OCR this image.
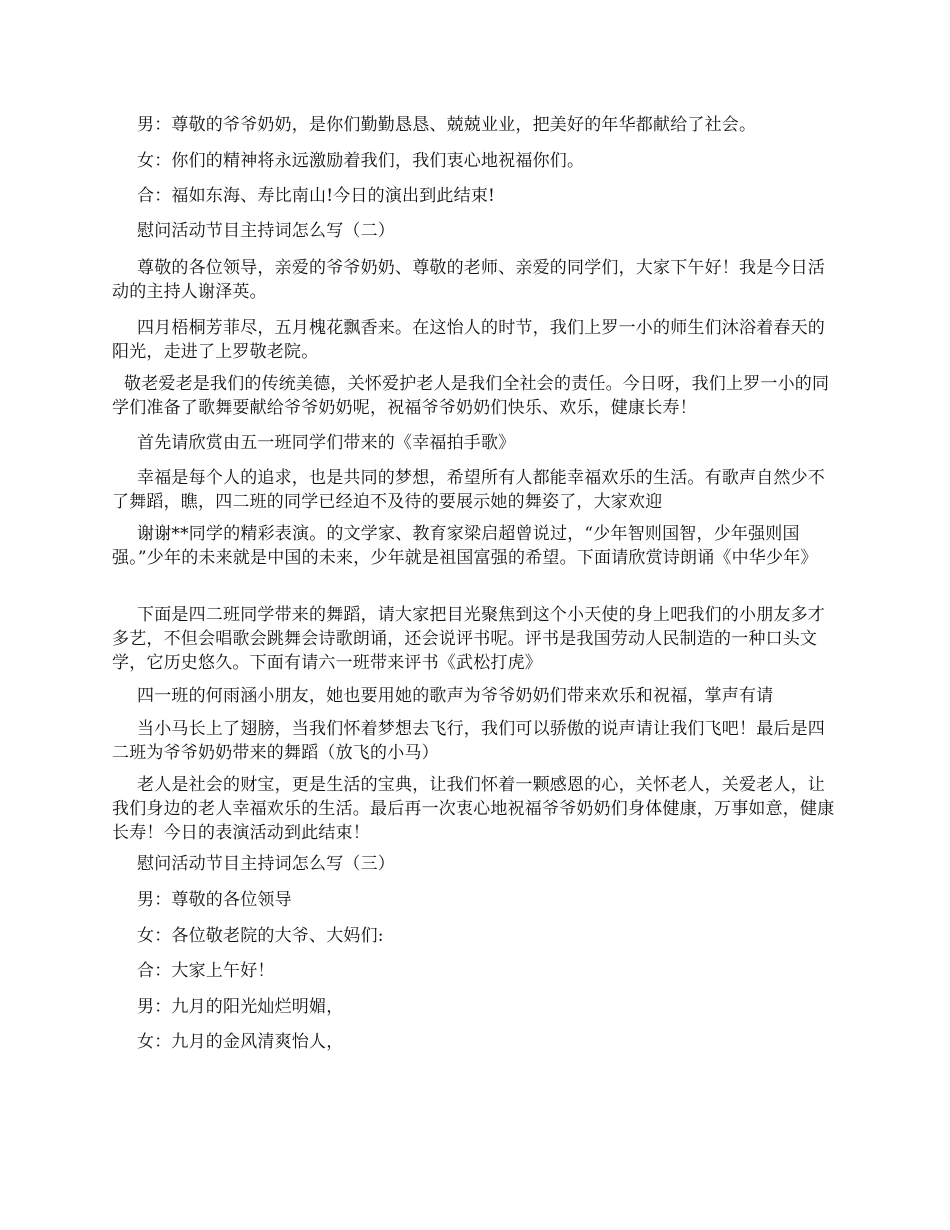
男：尊敬的爷爷奶奶，是你们勤勤恳恳、兢兢业业，把美好的年华都献给了社会。

女：你们的精神将永远激励着我们，我们衷心地祝福你们。

合：福如东海、寿比南山!今日的演出到此结束!

慰问活动节目主持词怎么写（二）

尊敬的各位领导，亲爱的爷爷奶奶、尊敬的老师、亲爱的同学们，大家下午好！我是今日活动的主持人谢泽英。

四月梧桐芳菲尽，五月槐花飘香来。在这怡人的时节，我们上罗一小的师生们沐浴着春天的阳光，走进了上罗敬老院。

敬老爱老是我们的传统美德，关怀爱护老人是我们全社会的责任。今日呀，我们上罗一小的同学们准备了歌舞要献给爷爷奶奶呢，祝福爷爷奶奶们快乐、欢乐，健康长寿！

首先请欣赏由五一班同学们带来的《幸福拍手歌》

幸福是每个人的追求，也是共同的梦想，希望所有人都能幸福欢乐的生活。有歌声自然少不了舞蹈，瞧，四二班的同学已经迫不及待的要展示她的舞姿了，大家欢迎

谢谢**同学的精彩表演。的文学家、教育家梁启超曾说过，“少年智则国智，少年强则国强。”少年的未来就是中国的未来，少年就是祖国富强的希望。下面请欣赏诗朗诵《中华少年》

下面是四二班同学带来的舞蹈，请大家把目光聚焦到这个小天使的身上吧我们的小朋友多才多艺，不但会唱歌会跳舞会诗歌朗诵，还会说评书呢。评书是我国劳动人民制造的一种口头文学，它历史悠久。下面有请六一班带来评书《武松打虎》

四一班的何雨涵小朋友，她也要用她的歌声为爷爷奶奶们带来欢乐和祝福，掌声有请

当小马长上了翅膀，当我们怀着梦想去飞行，我们可以骄傲的说声请让我们飞吧！最后是四二班为爷爷奶奶带来的舞蹈（放飞的小马）

老人是社会的财宝，更是生活的宝典，让我们怀着一颗感恩的心，关怀老人，关爱老人，让我们身边的老人幸福欢乐的生活。最后再一次衷心地祝福爷爷奶奶们身体健康，万事如意，健康长寿！今日的表演活动到此结束！

慰问活动节目主持词怎么写（三）

男：尊敬的各位领导

女：各位敬老院的大爷、大妈们:

合：大家上午好！

男：九月的阳光灿烂明媚，

女：九月的金风清爽怡人，
